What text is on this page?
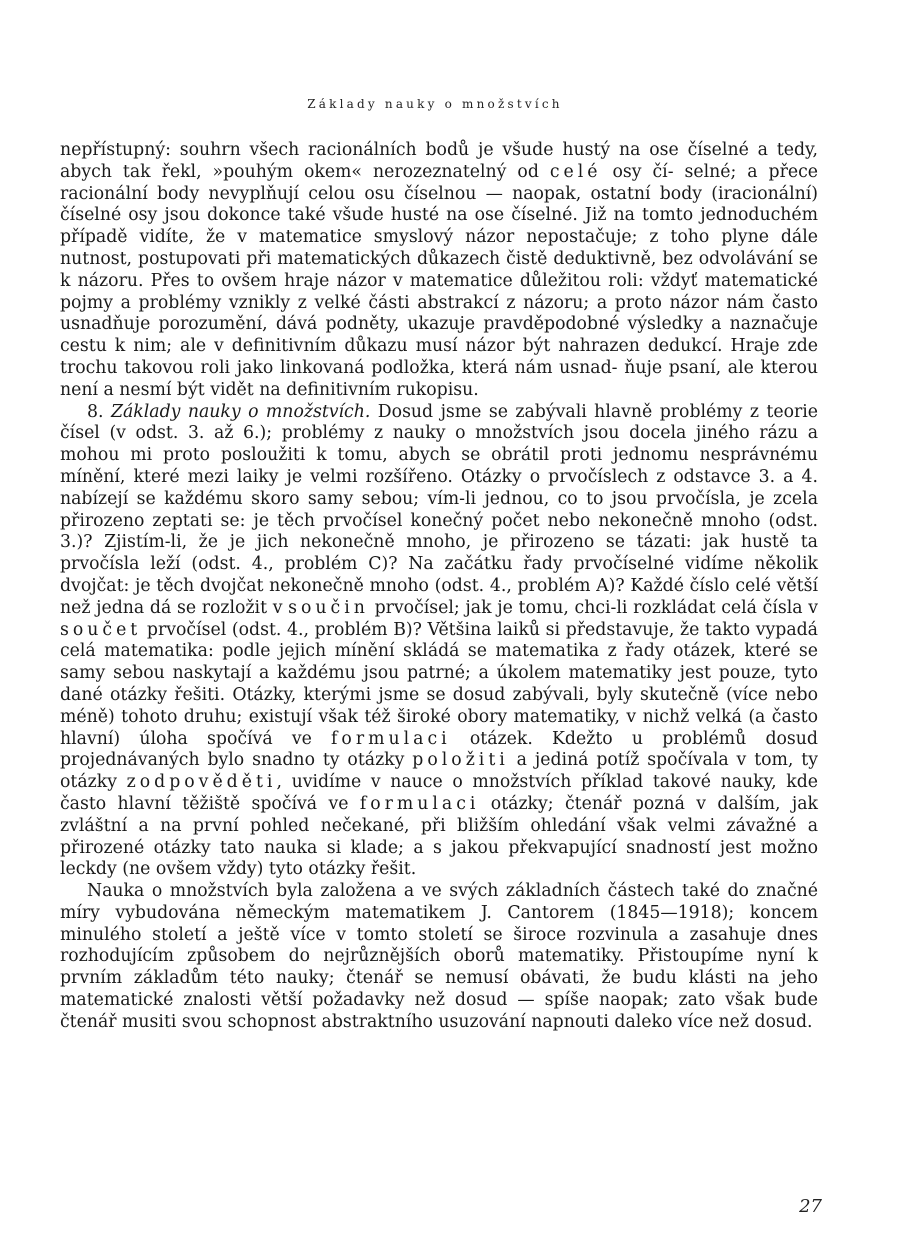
Základy nauky o množstvích

nepřístupný: souhrn všech racionálních bodů je všude hustý na ose číselné a tedy, abych tak řekl, »pouhým okem« nerozeznatelný od celé osy čí- selné; a přece racionální body nevyplňují celou osu číselnou — naopak, ostatní body (iracionální) číselné osy jsou dokonce také všude husté na ose číselné. Již na tomto jednoduchém případě vidíte, že v matematice smyslový názor nepostačuje; z toho plyne dále nutnost, postupovati při matematických důkazech čistě deduktivně, bez odvolávání se k názoru. Přes to ovšem hraje názor v matematice důležitou roli: vždyť matematické pojmy a problémy vznikly z velké části abstrakcí z názoru; a proto názor nám často usnadňuje porozumění, dává podněty, ukazuje pravděpodobné výsledky a naznačuje cestu k nim; ale v definitivním důkazu musí názor být nahrazen dedukcí. Hraje zde trochu takovou roli jako linkovaná podložka, která nám usnad- ňuje psaní, ale kterou není a nesmí být vidět na definitivním rukopisu.

8. Základy nauky o množstvích. Dosud jsme se zabývali hlavně problémy z teorie čísel (v odst. 3. až 6.); problémy z nauky o množstvích jsou docela jiného rázu a mohou mi proto posloužiti k tomu, abych se obrátil proti jednomu nesprávnému mínění, které mezi laiky je velmi rozšířeno. Otázky o prvočíslech z odstavce 3. a 4. nabízejí se každému skoro samy sebou; vím-li jednou, co to jsou prvočísla, je zcela přirozeno zeptati se: je těch prvočísel konečný počet nebo nekonečně mnoho (odst. 3.)? Zjistím-li, že je jich nekonečně mnoho, je přirozeno se tázati: jak hustě ta prvočísla leží (odst. 4., problém C)? Na začátku řady prvočíselné vidíme několik dvojčat: je těch dvojčat nekonečně mnoho (odst. 4., problém A)? Každé číslo celé větší než jedna dá se rozložit v součin prvočísel; jak je tomu, chci-li rozkládat celá čísla v součet prvočísel (odst. 4., problém B)? Většina laiků si představuje, že takto vypadá celá matematika: podle jejich mínění skládá se matematika z řady otázek, které se samy sebou naskytají a každému jsou patrné; a úkolem matematiky jest pouze, tyto dané otázky řešiti. Otázky, kterými jsme se dosud zabývali, byly skutečně (více nebo méně) tohoto druhu; existují však též široké obory matematiky, v nichž velká (a často hlavní) úloha spočívá ve formulaci otázek. Kdežto u problémů dosud projednávaných bylo snadno ty otázky položiti a jediná potíž spočívala v tom, ty otázky zodpověděti, uvidíme v nauce o množstvích příklad takové nauky, kde často hlavní těžiště spočívá ve formulaci otázky; čtenář pozná v dalším, jak zvláštní a na první pohled nečekané, při bližším ohledání však velmi závažné a přirozené otázky tato nauka si klade; a s jakou překvapující snadností jest možno leckdy (ne ovšem vždy) tyto otázky řešit.

Nauka o množstvích byla založena a ve svých základních částech také do značné míry vybudována německým matematikem J. Cantorem (1845—1918); koncem minulého století a ještě více v tomto století se široce rozvinula a zasahuje dnes rozhodujícím způsobem do nejrůznějších oborů matematiky. Přistoupíme nyní k prvním základům této nauky; čtenář se nemusí obávati, že budu klásti na jeho matematické znalosti větší požadavky než dosud — spíše naopak; zato však bude čtenář musiti svou schopnost abstraktního usuzování napnouti daleko více než dosud.

27
